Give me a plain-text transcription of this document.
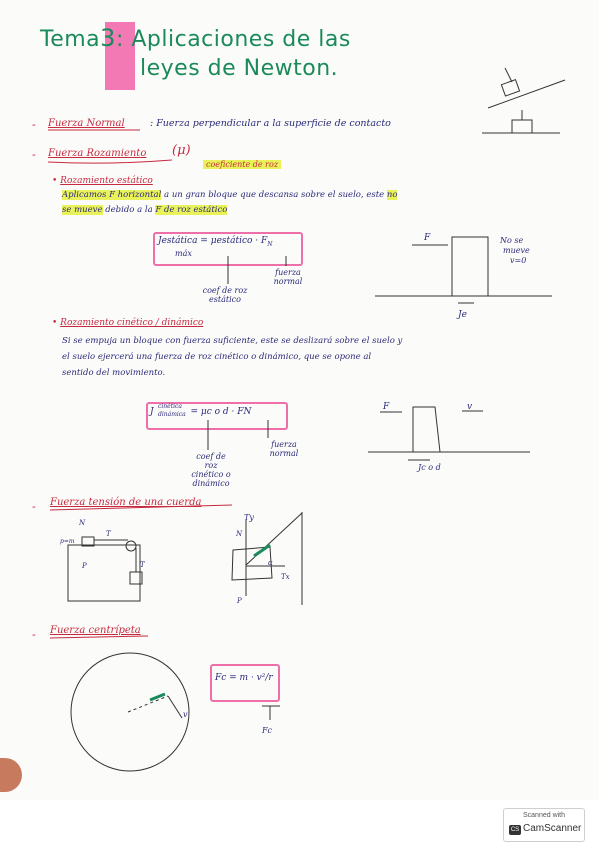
Tema3: Aplicaciones de las
leyes de Newton.
- Fuerza Normal	: Fuerza perpendicular a la superficie de contacto
- Fuerza Rozamiento (μ)
coeficiente de roz
• Rozamiento estático
Aplicamos F horizontal a un gran bloque que descansa sobre el suelo, este no
se mueve debido a la F de roz estático
Jestática = μestático · $F_N$
máx
coef de roz estático
fuerza normal
F	No se
mueve
v=0
Je
• Rozamiento cinético / dinámico
Si se empuja un bloque con fuerza suficiente, este se deslizará sobre el suelo y
el suelo ejercerá una fuerza de roz cinético o dinámico, que se opone al
sentido del movimiento.
J	= μc o d · FN
cinética
dinámica
coef de roz cinético o dinámico
fuerza normal
F	v
Jc o d
- Fuerza tensión de una cuerda
p=m
N
T
P	T
Ty
N
α
Tx
P
- Fuerza centrípeta
Fc = m · v²/r
Fc
v
Scanned with
CS CamScanner
